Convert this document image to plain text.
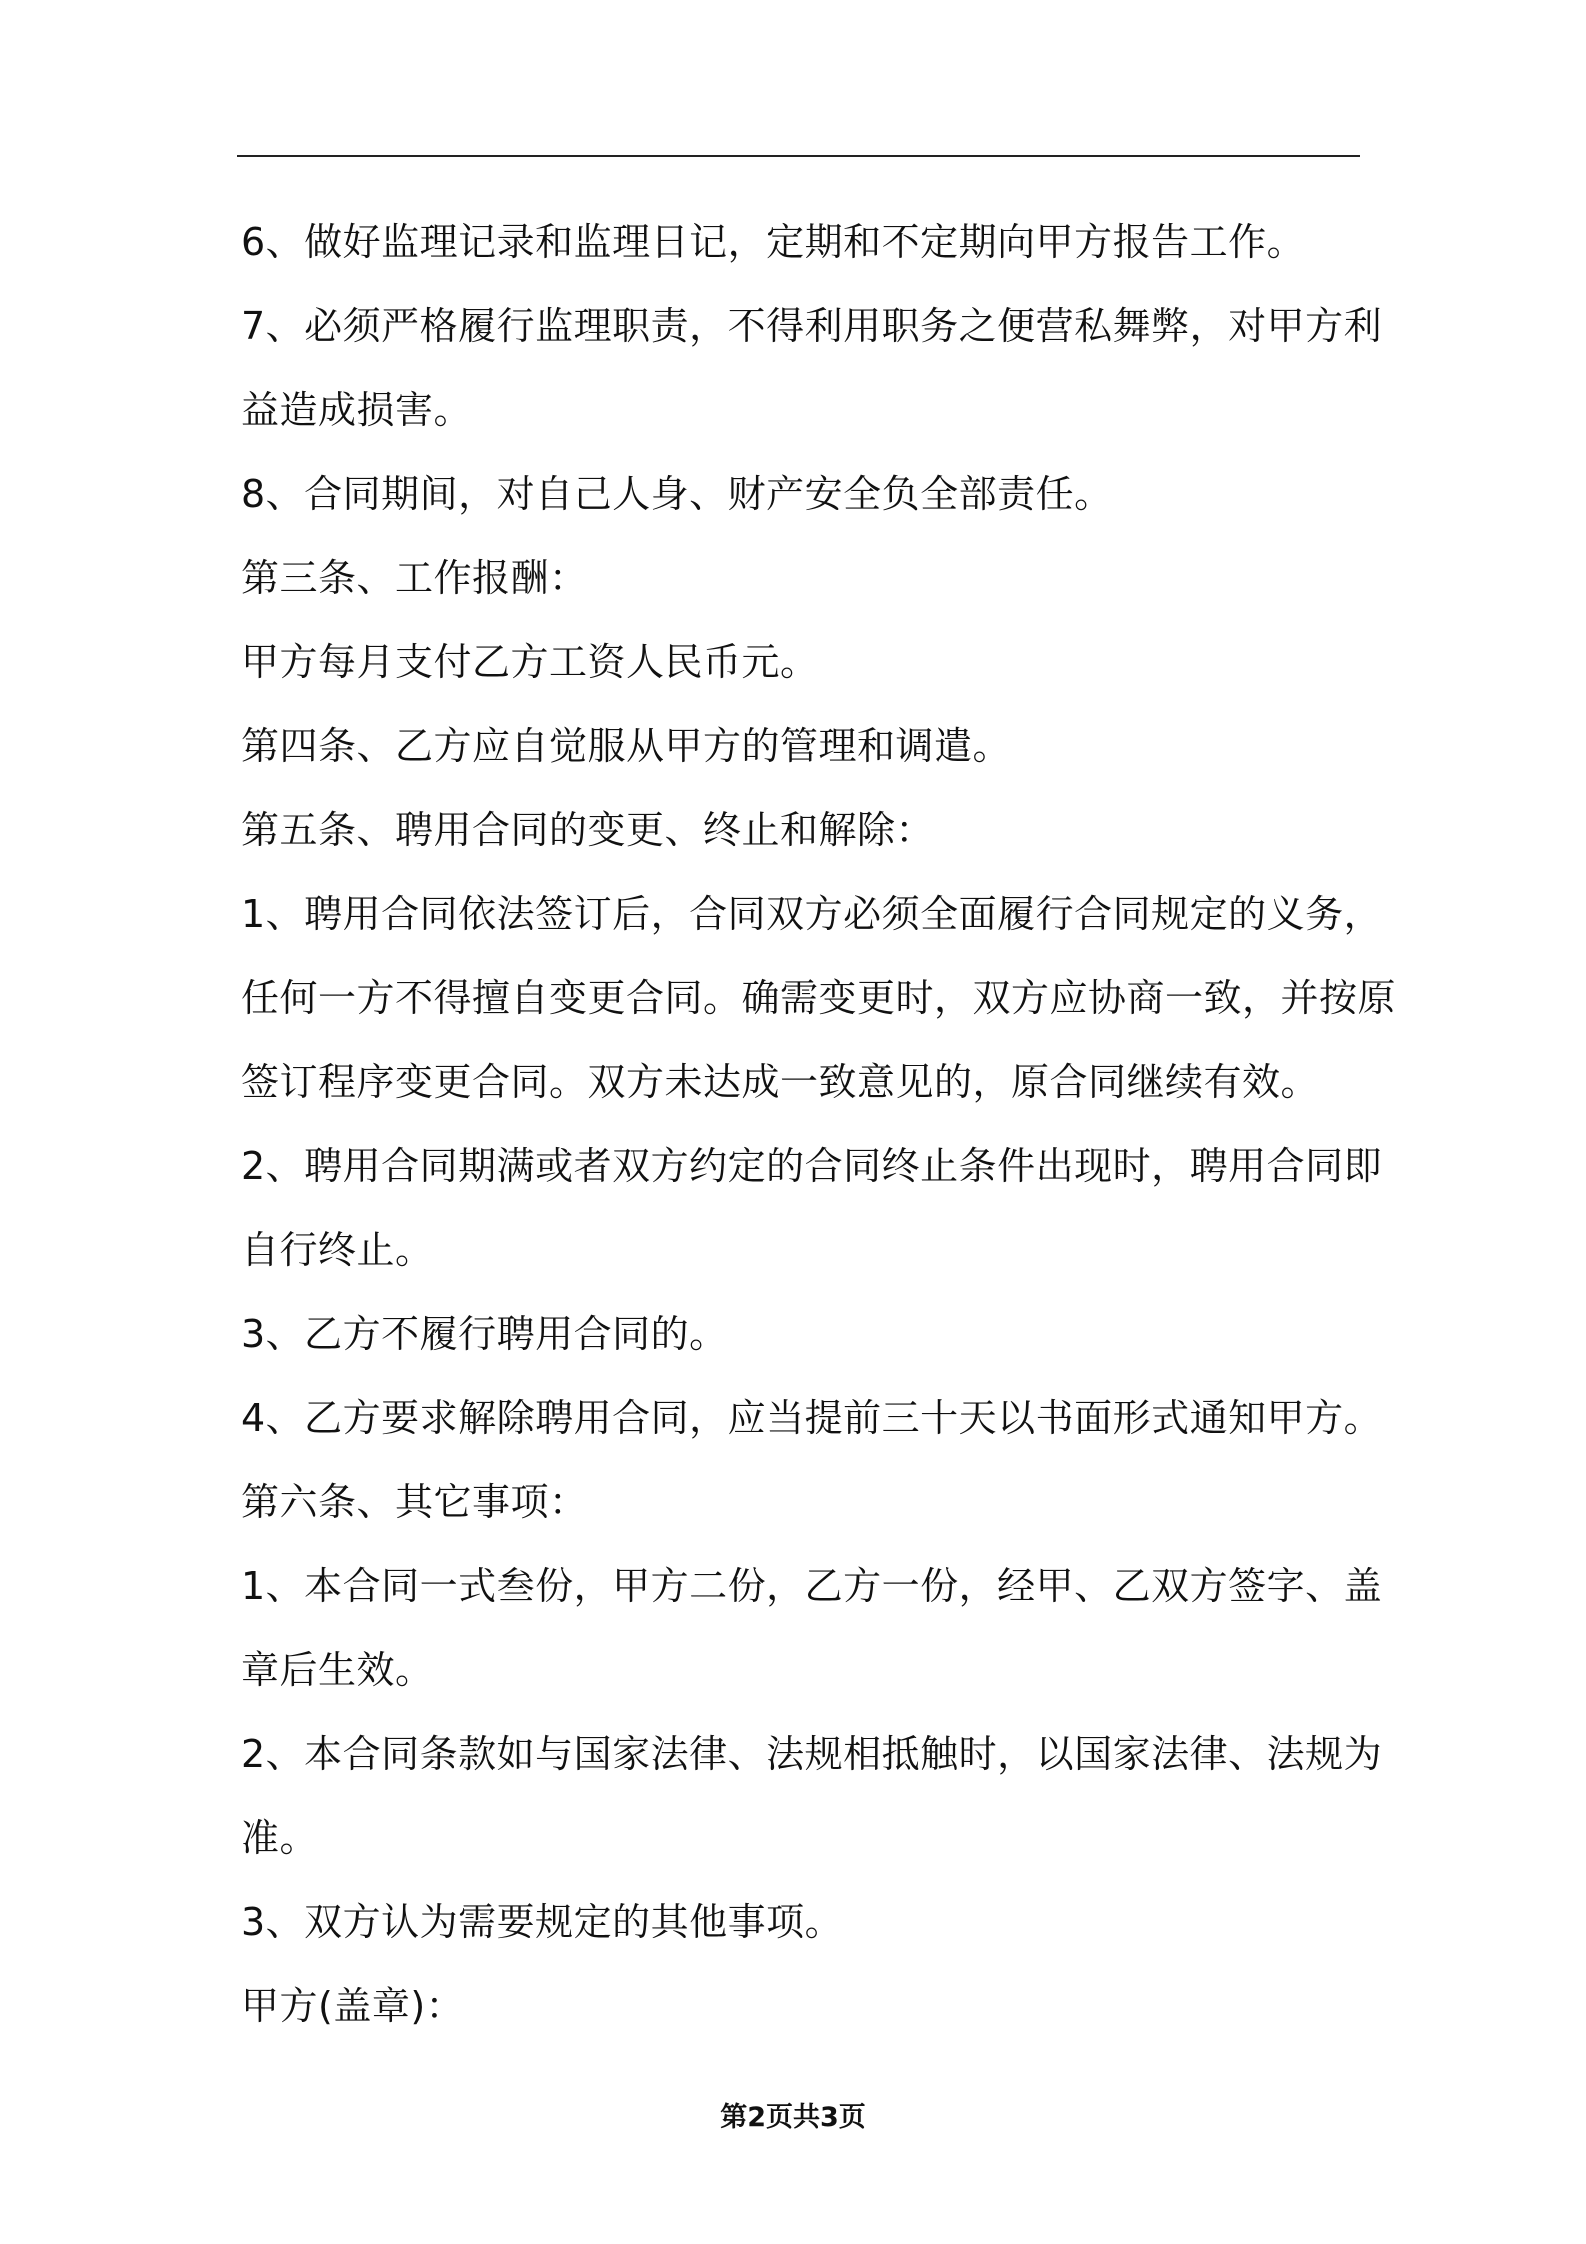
6、做好监理记录和监理日记，定期和不定期向甲方报告工作。
7、必须严格履行监理职责，不得利用职务之便营私舞弊，对甲方利
益造成损害。
8、合同期间，对自己人身、财产安全负全部责任。
第三条、工作报酬：
甲方每月支付乙方工资人民币元。
第四条、乙方应自觉服从甲方的管理和调遣。
第五条、聘用合同的变更、终止和解除：
1、聘用合同依法签订后，合同双方必须全面履行合同规定的义务，
任何一方不得擅自变更合同。确需变更时，双方应协商一致，并按原
签订程序变更合同。双方未达成一致意见的，原合同继续有效。
2、聘用合同期满或者双方约定的合同终止条件出现时，聘用合同即
自行终止。
3、乙方不履行聘用合同的。
4、乙方要求解除聘用合同，应当提前三十天以书面形式通知甲方。
第六条、其它事项：
1、本合同一式叁份，甲方二份，乙方一份，经甲、乙双方签字、盖
章后生效。
2、本合同条款如与国家法律、法规相抵触时，以国家法律、法规为
准。
3、双方认为需要规定的其他事项。
甲方(盖章)：
第2页共3页
